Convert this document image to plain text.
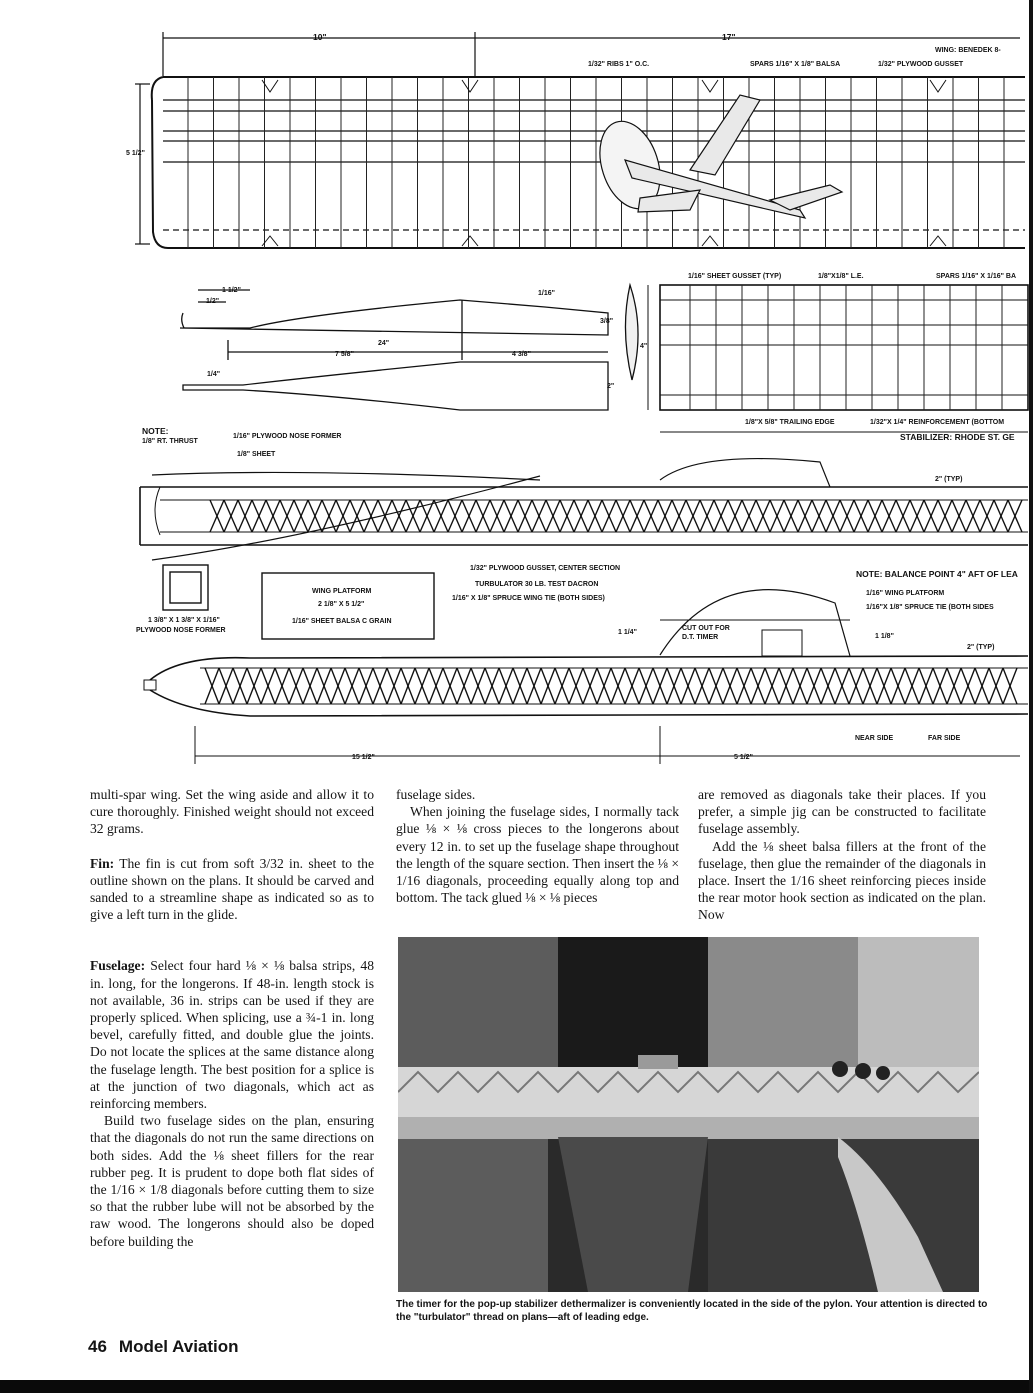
10"	17"
WING: BENEDEK 8-
1/32" RIBS 1" O.C.	SPARS 1/16" X 1/8" BALSA	1/32" PLYWOOD GUSSET
5 1/2"
1 1/2"
1/2"
1/16"
3/8"
24"
7 5/8"	4 3/8"
1/4"
2"
1/16" SHEET GUSSET (TYP)	1/8"X1/8" L.E.	SPARS 1/16" X 1/16" BA
1/8"X 5/8" TRAILING EDGE	1/32"X 1/4" REINFORCEMENT (BOTTOM
STABILIZER: RHODE ST. GE
4"
NOTE:
1/8" RT. THRUST
1/16" PLYWOOD NOSE FORMER
1/8" SHEET
2" (TYP)
1 3/8" X 1 3/8" X 1/16"
PLYWOOD NOSE FORMER
WING PLATFORM
2 1/8" X 5 1/2"
1/16" SHEET BALSA C GRAIN
1/32" PLYWOOD GUSSET, CENTER SECTION
TURBULATOR 30 LB. TEST DACRON
1/16" X 1/8" SPRUCE WING TIE (BOTH SIDES)
CUT OUT FOR
D.T. TIMER
1 1/4"
1 1/8"
NOTE: BALANCE POINT 4" AFT OF LEA
1/16" WING PLATFORM
1/16"X 1/8" SPRUCE TIE (BOTH SIDES
2" (TYP)
NEAR SIDE	FAR SIDE
15 1/2"	5 1/2"

multi-spar wing. Set the wing aside and allow it to cure thoroughly. Finished weight should not exceed 32 grams.

Fin: The fin is cut from soft 3/32 in. sheet to the outline shown on the plans. It should be carved and sanded to a streamline shape as indicated so as to give a left turn in the glide.

Fuselage: Select four hard ⅛ × ⅛ balsa strips, 48 in. long, for the longerons. If 48-in. length stock is not available, 36 in. strips can be used if they are properly spliced. When splicing, use a ¾-1 in. long bevel, carefully fitted, and double glue the joints. Do not locate the splices at the same distance along the fuselage length. The best position for a splice is at the junction of two diagonals, which act as reinforcing members.

Build two fuselage sides on the plan, ensuring that the diagonals do not run the same directions on both sides. Add the ⅛ sheet fillers for the rear rubber peg. It is prudent to dope both flat sides of the 1/16 × 1/8 diagonals before cutting them to size so that the rubber lube will not be absorbed by the raw wood. The longerons should also be doped before building the

fuselage sides.

When joining the fuselage sides, I normally tack glue ⅛ × ⅛ cross pieces to the longerons about every 12 in. to set up the fuselage shape throughout the length of the square section. Then insert the ⅛ × 1/16 diagonals, proceeding equally along top and bottom. The tack glued ⅛ × ⅛ pieces

are removed as diagonals take their places. If you prefer, a simple jig can be constructed to facilitate fuselage assembly.

Add the ⅛ sheet balsa fillers at the front of the fuselage, then glue the remainder of the diagonals in place. Insert the 1/16 sheet reinforcing pieces inside the rear motor hook section as indicated on the plan. Now

The timer for the pop-up stabilizer dethermalizer is conveniently located in the side of the pylon. Your attention is directed to the "turbulator" thread on plans—aft of leading edge.
46 Model Aviation
